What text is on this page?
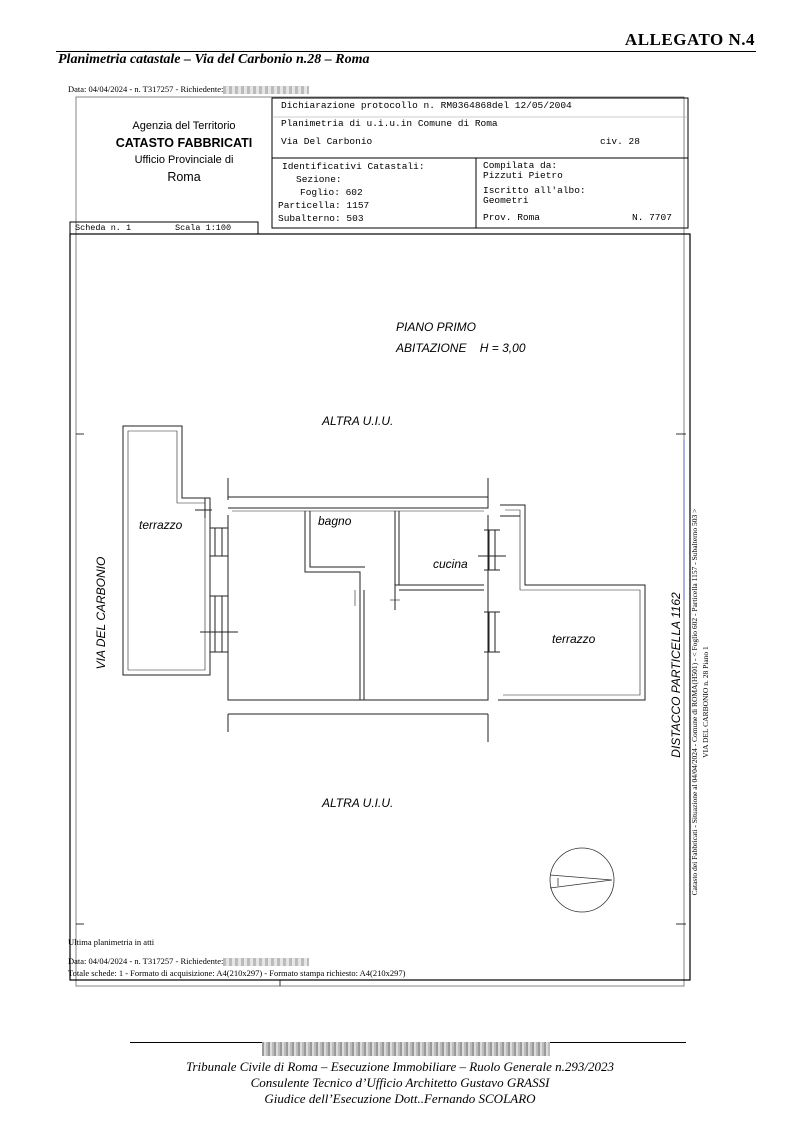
ALLEGATO N.4
Planimetria catastale – Via del Carbonio n.28 – Roma
Data: 04/04/2024 - n. T317257 - Richiedente:
Agenzia del Territorio
CATASTO FABBRICATI
Ufficio Provinciale di
Roma
Dichiarazione protocollo n. RM0364868del 12/05/2004
Planimetria di u.i.u.in Comune di Roma
Via Del Carbonio	civ. 28
Identificativi Catastali:
Sezione:
Foglio: 602
Particella: 1157
Subalterno: 503
Compilata da:
Pizzuti Pietro
Iscritto all'albo:
Geometri
Prov. Roma	N. 7707
Scheda n. 1	Scala 1:100
PIANO PRIMO
ABITAZIONE    H = 3,00
ALTRA U.I.U.
ALTRA U.I.U.
terrazzo
terrazzo
bagno
cucina
VIA DEL CARBONIO	DISTACCO PARTICELLA 1162 Catasto dei Fabbricati - Situazione al 04/04/2024 - Comune di ROMA(H501) - < Foglio 602 - Particella 1157 - Subalterno 503 > VIA DEL CARBONIO n. 28 Piano 1
Ultima planimetria in atti
Data: 04/04/2024 - n. T317257 - Richiedente:
Totale schede: 1 - Formato di acquisizione: A4(210x297) - Formato stampa richiesto: A4(210x297)
Tribunale Civile di Roma – Esecuzione Immobiliare – Ruolo Generale n.293/2023
Consulente Tecnico d’Ufficio Architetto Gustavo GRASSI
Giudice dell’Esecuzione Dott..Fernando SCOLARO
